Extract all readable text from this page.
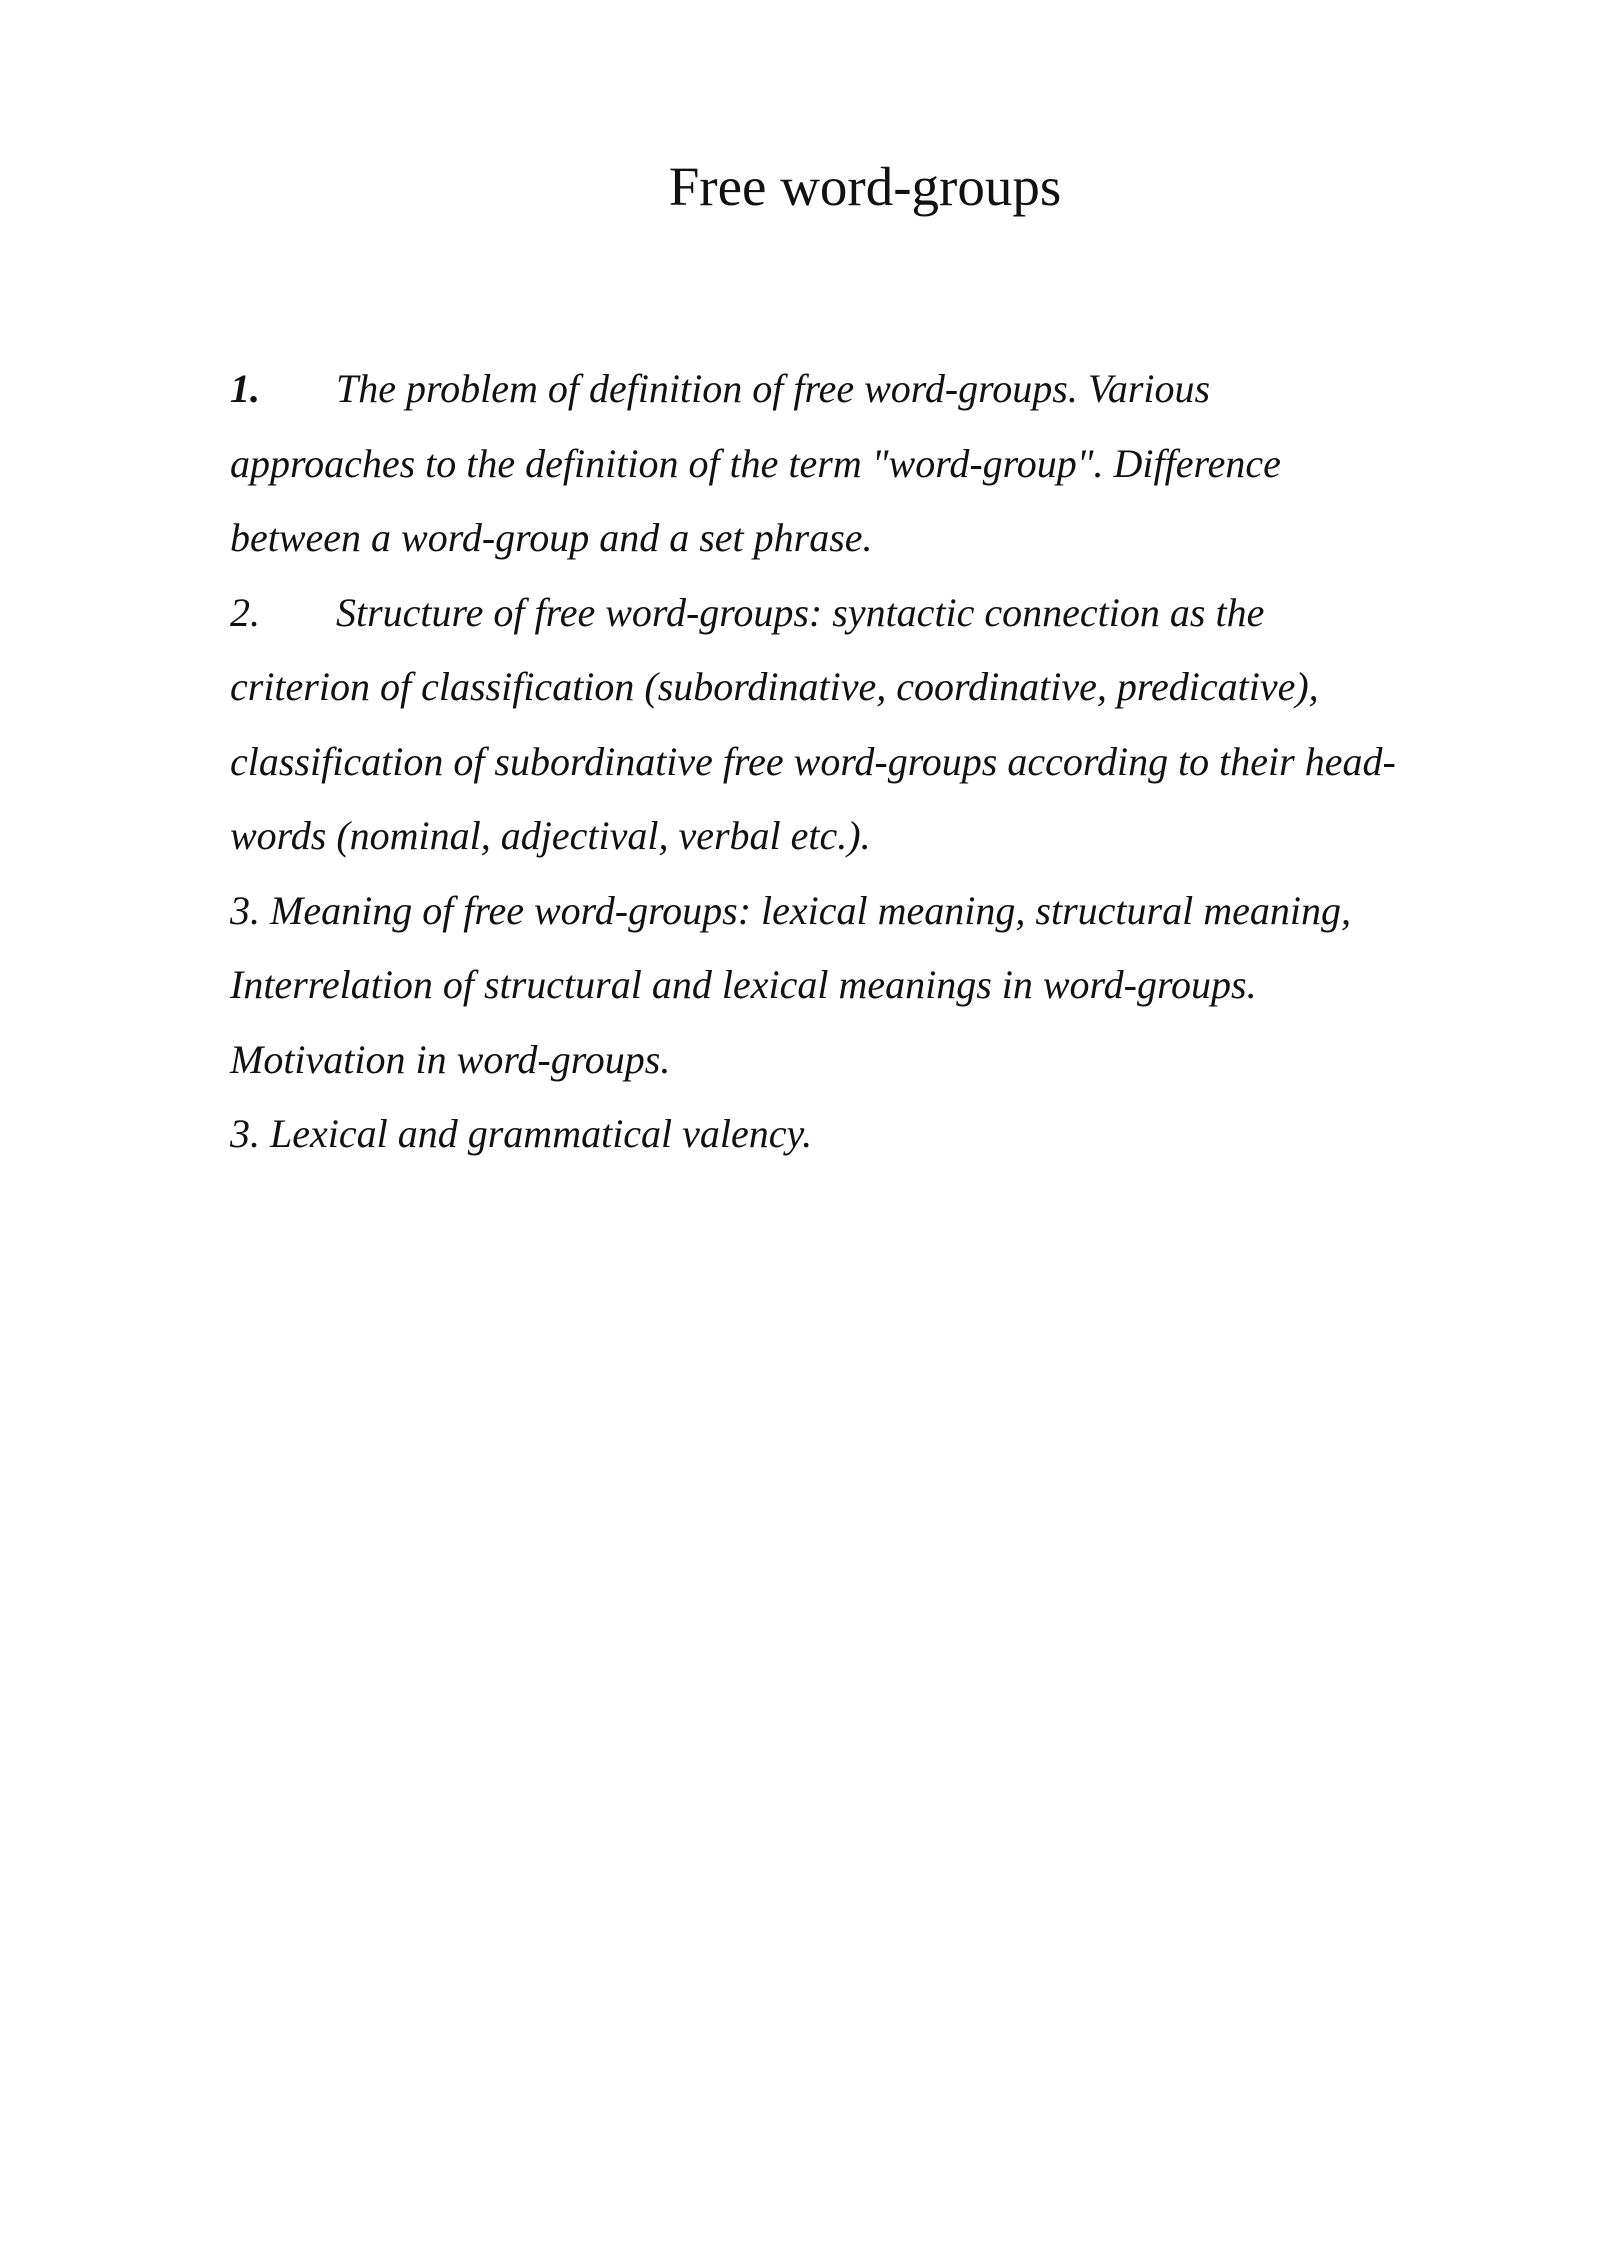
Free word-groups
1. The problem of definition of free word-groups. Various
approaches to the definition of the term "word-group". Difference
between a word-group and a set phrase.
2. Structure of free word-groups: syntactic connection as the
criterion of classification (subordinative, coordinative, predicative),
classification of subordinative free word-groups according to their head-
words (nominal, adjectival, verbal etc.).
3. Meaning of free word-groups: lexical meaning, structural meaning,
Interrelation of structural and lexical meanings in word-groups.
Motivation in word-groups.
3. Lexical and grammatical valency.
